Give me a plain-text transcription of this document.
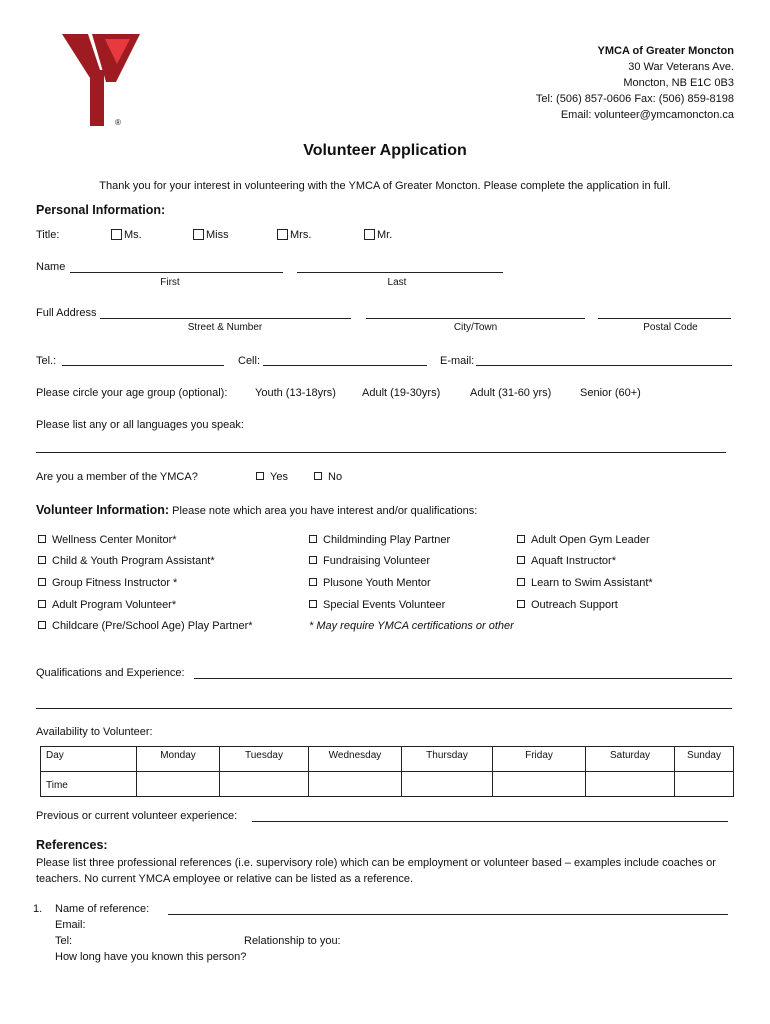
®
YMCA of Greater Moncton
30 War Veterans Ave.
Moncton, NB E1C 0B3
Tel: (506) 857-0606 Fax: (506) 859-8198
Email: volunteer@ymcamoncton.ca
Volunteer Application
Thank you for your interest in volunteering with the YMCA of Greater Moncton. Please complete the application in full.
Personal Information:
Title:	Ms.	Miss	Mrs.	Mr.
Name
First	Last
Full Address
Street & Number	City/Town	Postal Code
Tel.:	Cell:	E-mail:
Please circle your age group (optional):	Youth (13-18yrs) Adult (19-30yrs)	Adult (31-60 yrs)	Senior (60+)
Please list any or all languages you speak:
Are you a member of the YMCA?	Yes	No
Volunteer Information: Please note which area you have interest and/or qualifications:
Wellness Center Monitor*
Child & Youth Program Assistant*
Group Fitness Instructor *
Adult Program Volunteer*
Childcare (Pre/School Age) Play Partner*
Childminding Play Partner
Fundraising Volunteer
Plusone Youth Mentor
Special Events Volunteer
* May require YMCA certifications or other
Adult Open Gym Leader
Aquaft Instructor*
Learn to Swim Assistant*
Outreach Support
Qualifications and Experience:
Availability to Volunteer:
Day	Monday	Tuesday	Wednesday	Thursday	Friday	Saturday	Sunday
Time							
Previous or current volunteer experience:
References:
Please list three professional references (i.e. supervisory role) which can be employment or volunteer based – examples include coaches or teachers. No current YMCA employee or relative can be listed as a reference.
1. Name of reference:
Email:
Tel:	Relationship to you:
How long have you known this person?
